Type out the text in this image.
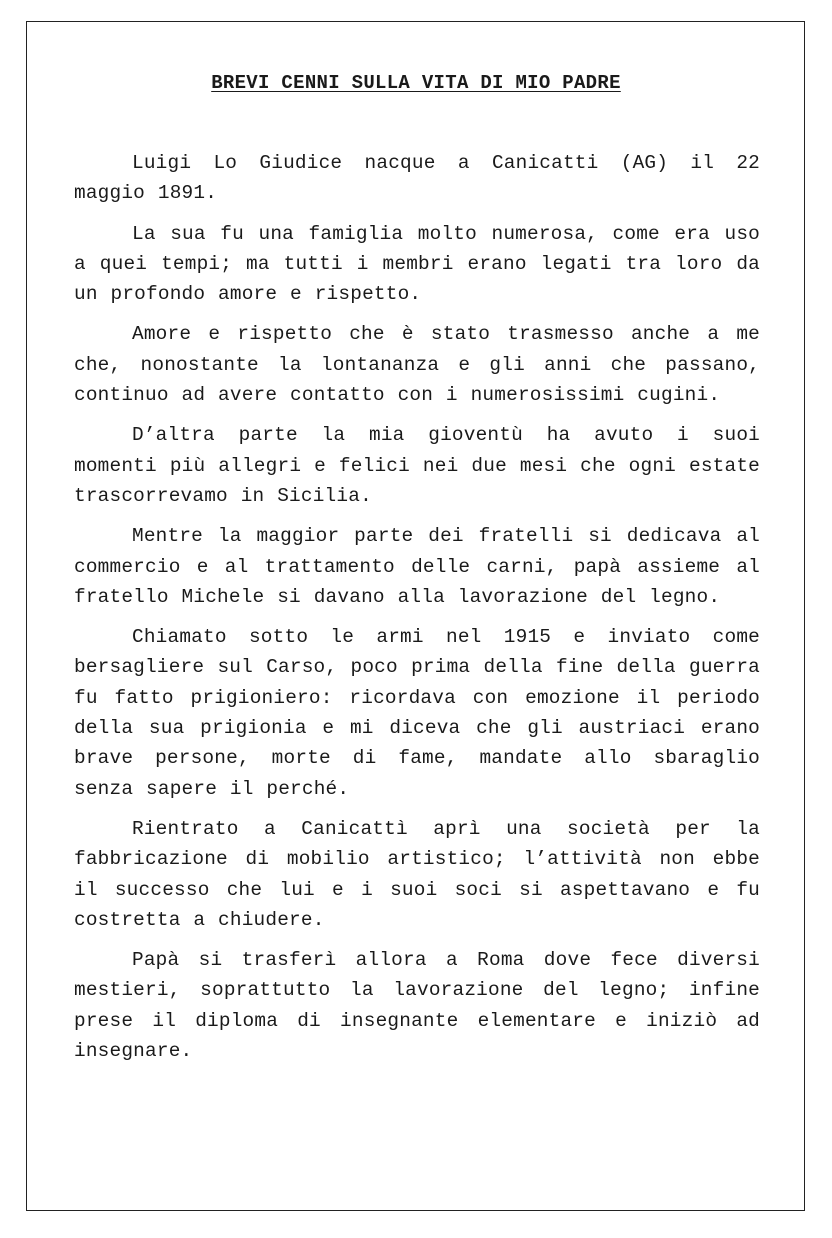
BREVI CENNI SULLA VITA DI MIO PADRE

Luigi Lo Giudice nacque a Canicatti (AG) il 22 maggio 1891.

La sua fu una famiglia molto numerosa, come era uso a quei tempi; ma tutti i membri erano legati tra loro da un profondo amore e rispetto.

Amore e rispetto che è stato trasmesso anche a me che, nonostante la lontananza e gli anni che passano, continuo ad avere contatto con i numerosissimi cugini.

D’altra parte la mia gioventù ha avuto i suoi momenti più allegri e felici nei due mesi che ogni estate trascorrevamo in Sicilia.

Mentre la maggior parte dei fratelli si dedicava al commercio e al trattamento delle carni, papà assieme al fratello Michele si davano alla lavorazione del legno.

Chiamato sotto le armi nel 1915 e inviato come bersagliere sul Carso, poco prima della fine della guerra fu fatto prigioniero: ricordava con emozione il periodo della sua prigionia e mi diceva che gli austriaci erano brave persone, morte di fame, mandate allo sbaraglio senza sapere il perché.

Rientrato a Canicattì aprì una società per la fabbricazione di mobilio artistico; l’attività non ebbe il successo che lui e i suoi soci si aspettavano e fu costretta a chiudere.

Papà si trasferì allora a Roma dove fece diversi mestieri, soprattutto la lavorazione del legno; infine prese il diploma di insegnante elementare e iniziò ad insegnare.
